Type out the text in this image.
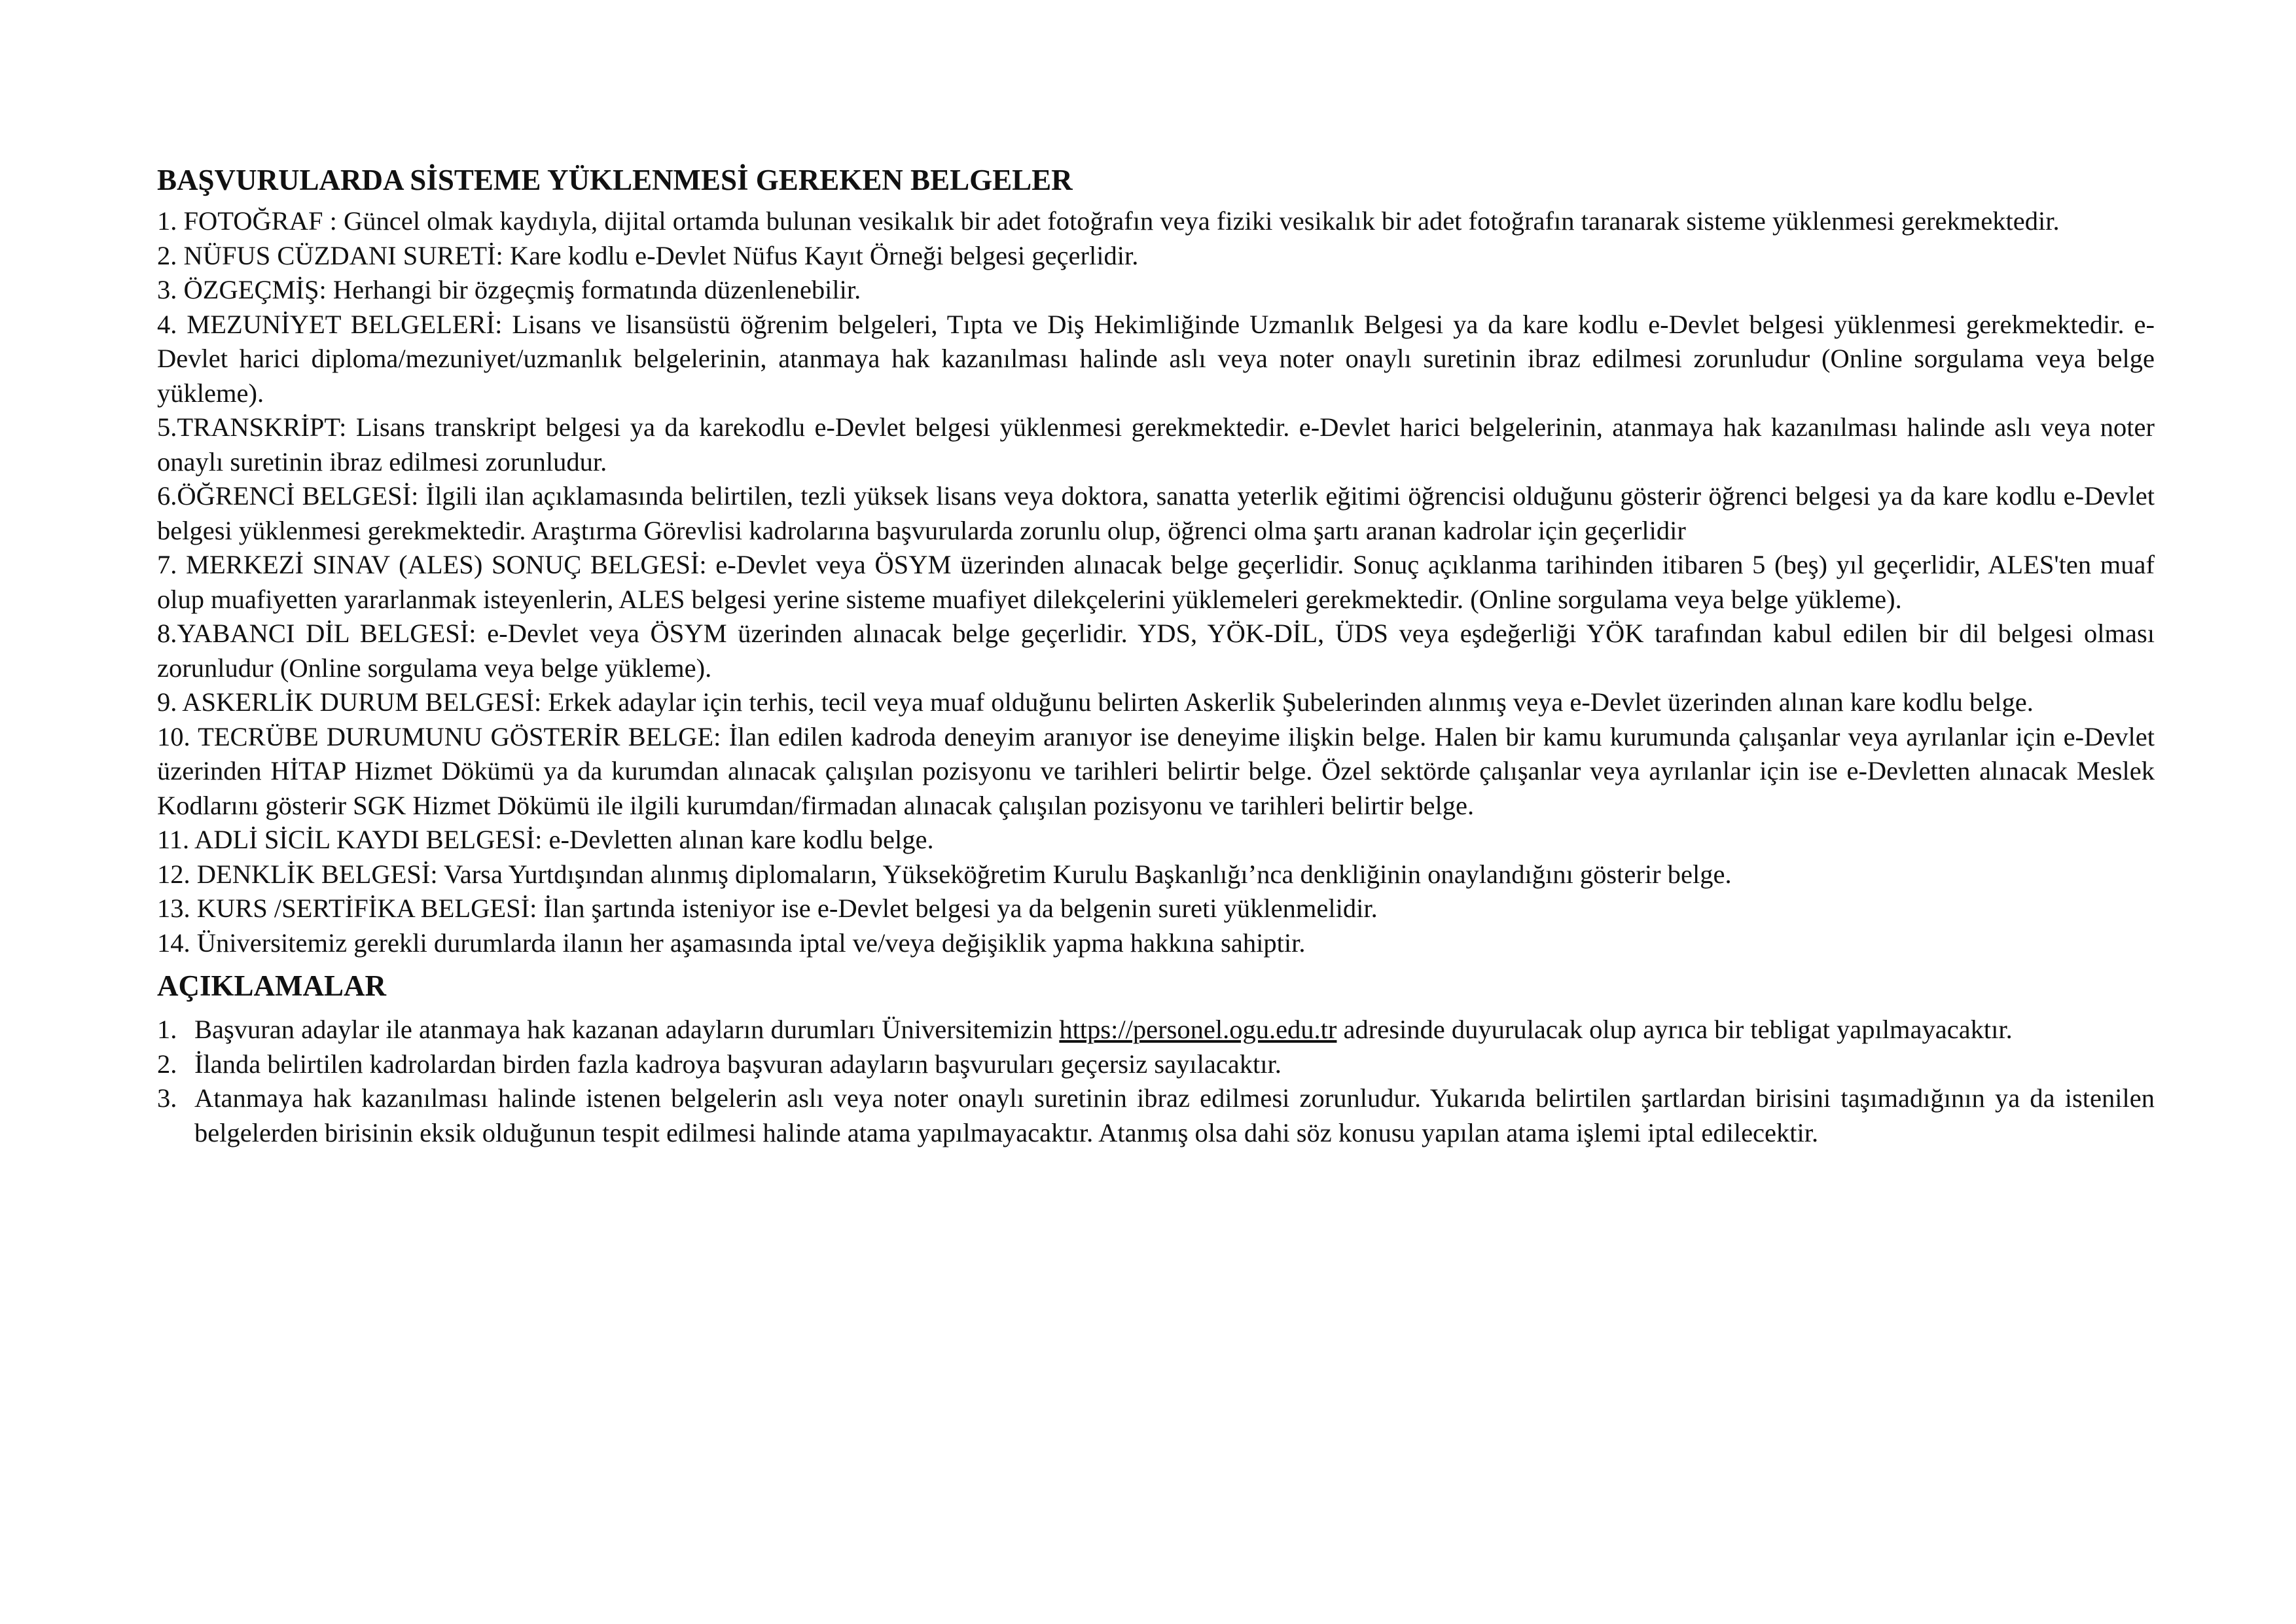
BAŞVURULARDA SİSTEME YÜKLENMESİ GEREKEN BELGELER

1. FOTOĞRAF : Güncel olmak kaydıyla, dijital ortamda bulunan vesikalık bir adet fotoğrafın veya fiziki vesikalık bir adet fotoğrafın taranarak sisteme yüklenmesi gerekmektedir.

2. NÜFUS CÜZDANI SURETİ: Kare kodlu e-Devlet Nüfus Kayıt Örneği belgesi geçerlidir.

3. ÖZGEÇMİŞ: Herhangi bir özgeçmiş formatında düzenlenebilir.

4. MEZUNİYET BELGELERİ: Lisans ve lisansüstü öğrenim belgeleri, Tıpta ve Diş Hekimliğinde Uzmanlık Belgesi ya da kare kodlu e-Devlet belgesi yüklenmesi gerekmektedir. e-Devlet harici diploma/mezuniyet/uzmanlık belgelerinin, atanmaya hak kazanılması halinde aslı veya noter onaylı suretinin ibraz edilmesi zorunludur (Online sorgulama veya belge yükleme).

5.TRANSKRİPT: Lisans transkript belgesi ya da karekodlu e-Devlet belgesi yüklenmesi gerekmektedir. e-Devlet harici belgelerinin, atanmaya hak kazanılması halinde aslı veya noter onaylı suretinin ibraz edilmesi zorunludur.

6.ÖĞRENCİ BELGESİ: İlgili ilan açıklamasında belirtilen, tezli yüksek lisans veya doktora, sanatta yeterlik eğitimi öğrencisi olduğunu gösterir öğrenci belgesi ya da kare kodlu e-Devlet belgesi yüklenmesi gerekmektedir. Araştırma Görevlisi kadrolarına başvurularda zorunlu olup, öğrenci olma şartı aranan kadrolar için geçerlidir

7. MERKEZİ SINAV (ALES) SONUÇ BELGESİ: e-Devlet veya ÖSYM üzerinden alınacak belge geçerlidir. Sonuç açıklanma tarihinden itibaren 5 (beş) yıl geçerlidir, ALES'ten muaf olup muafiyetten yararlanmak isteyenlerin, ALES belgesi yerine sisteme muafiyet dilekçelerini yüklemeleri gerekmektedir. (Online sorgulama veya belge yükleme).

8.YABANCI DİL BELGESİ: e-Devlet veya ÖSYM üzerinden alınacak belge geçerlidir. YDS, YÖK-DİL, ÜDS veya eşdeğerliği YÖK tarafından kabul edilen bir dil belgesi olması zorunludur (Online sorgulama veya belge yükleme).

9. ASKERLİK DURUM BELGESİ: Erkek adaylar için terhis, tecil veya muaf olduğunu belirten Askerlik Şubelerinden alınmış veya e-Devlet üzerinden alınan kare kodlu belge.

10. TECRÜBE DURUMUNU GÖSTERİR BELGE: İlan edilen kadroda deneyim aranıyor ise deneyime ilişkin belge. Halen bir kamu kurumunda çalışanlar veya ayrılanlar için e-Devlet üzerinden HİTAP Hizmet Dökümü ya da kurumdan alınacak çalışılan pozisyonu ve tarihleri belirtir belge. Özel sektörde çalışanlar veya ayrılanlar için ise e-Devletten alınacak Meslek Kodlarını gösterir SGK Hizmet Dökümü ile ilgili kurumdan/firmadan alınacak çalışılan pozisyonu ve tarihleri belirtir belge.

11. ADLİ SİCİL KAYDI BELGESİ: e-Devletten alınan kare kodlu belge.

12. DENKLİK BELGESİ: Varsa Yurtdışından alınmış diplomaların, Yükseköğretim Kurulu Başkanlığı’nca denkliğinin onaylandığını gösterir belge.

13. KURS /SERTİFİKA BELGESİ: İlan şartında isteniyor ise e-Devlet belgesi ya da belgenin sureti yüklenmelidir.

14. Üniversitemiz gerekli durumlarda ilanın her aşamasında iptal ve/veya değişiklik yapma hakkına sahiptir.

AÇIKLAMALAR
1. Başvuran adaylar ile atanmaya hak kazanan adayların durumları Üniversitemizin https://personel.ogu.edu.tr adresinde duyurulacak olup ayrıca bir tebligat yapılmayacaktır.
2. İlanda belirtilen kadrolardan birden fazla kadroya başvuran adayların başvuruları geçersiz sayılacaktır.
3. Atanmaya hak kazanılması halinde istenen belgelerin aslı veya noter onaylı suretinin ibraz edilmesi zorunludur. Yukarıda belirtilen şartlardan birisini taşımadığının ya da istenilen belgelerden birisinin eksik olduğunun tespit edilmesi halinde atama yapılmayacaktır. Atanmış olsa dahi söz konusu yapılan atama işlemi iptal edilecektir.
